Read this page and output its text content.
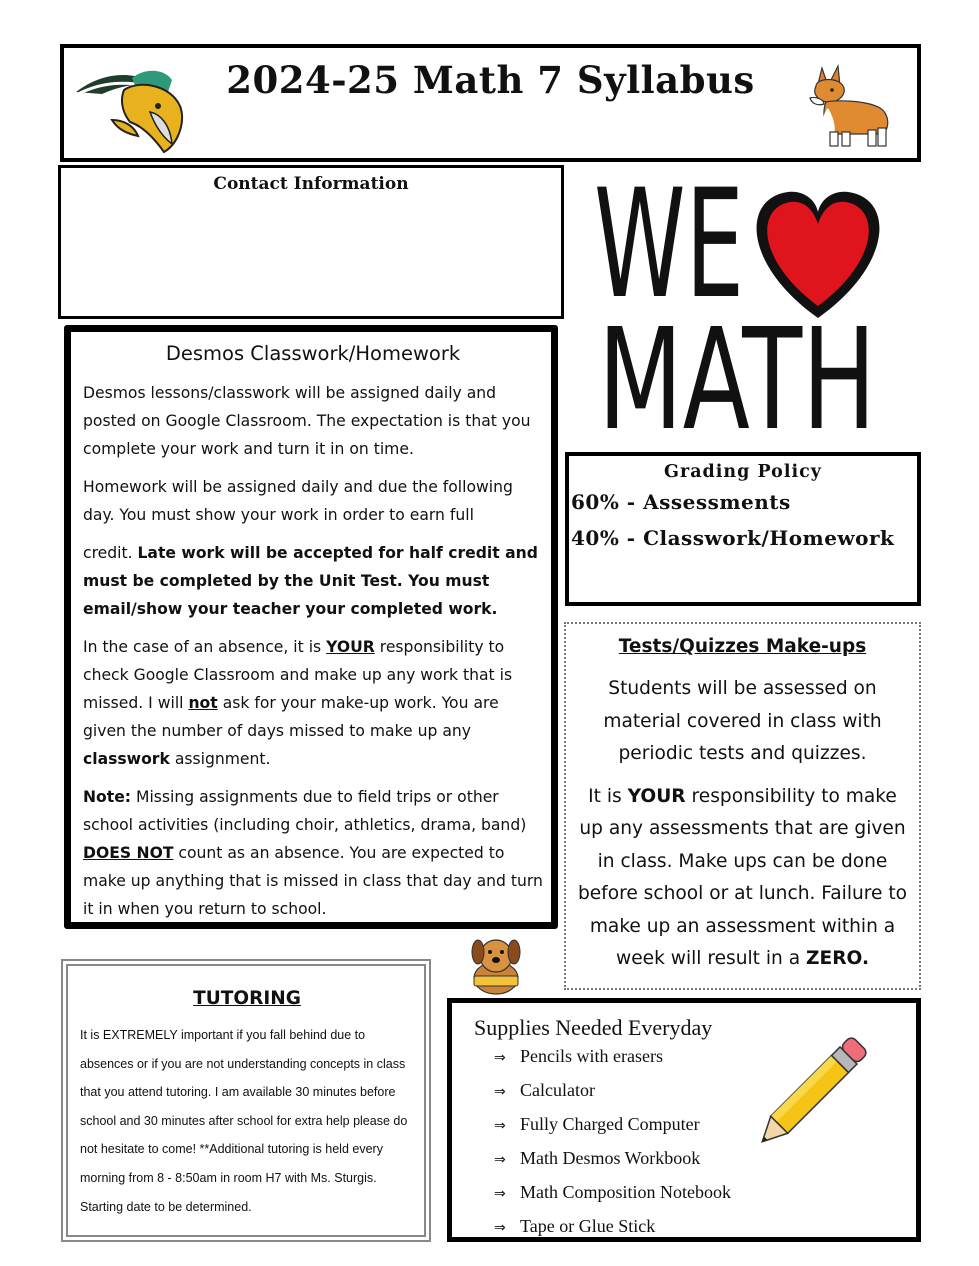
2024-25 Math 7 Syllabus
Contact Information	WE
MATH
Desmos Classwork/Homework

Desmos lessons/classwork will be assigned daily and posted on Google Classroom. The expectation is that you complete your work and turn it in on time.

Homework will be assigned daily and due the following day. You must show your work in order to earn full

credit. Late work will be accepted for half credit and must be completed by the Unit Test. You must email/show your teacher your completed work.

In the case of an absence, it is YOUR responsibility to check Google Classroom and make up any work that is missed. I will not ask for your make-up work. You are given the number of days missed to make up any classwork assignment.

Note: Missing assignments due to field trips or other school activities (including choir, athletics, drama, band) DOES NOT count as an absence. You are expected to make up anything that is missed in class that day and turn it in when you return to school.

Grading Policy
60% - Assessments
40% - Classwork/Homework
Tests/Quizzes Make-ups

Students will be assessed on material covered in class with periodic tests and quizzes.

It is YOUR responsibility to make up any assessments that are given in class. Make ups can be done before school or at lunch. Failure to make up an assessment within a week will result in a ZERO.

TUTORING

It is EXTREMELY important if you fall behind due to absences or if you are not understanding concepts in class that you attend tutoring. I am available 30 minutes before school and 30 minutes after school for extra help please do not hesitate to come! **Additional tutoring is held every morning from 8 - 8:50am in room H7 with Ms. Sturgis. Starting date to be determined.

Supplies Needed Everyday
⇒ Pencils with erasers
⇒ Calculator
⇒ Fully Charged Computer
⇒ Math Desmos Workbook
⇒ Math Composition Notebook
⇒ Tape or Glue Stick
